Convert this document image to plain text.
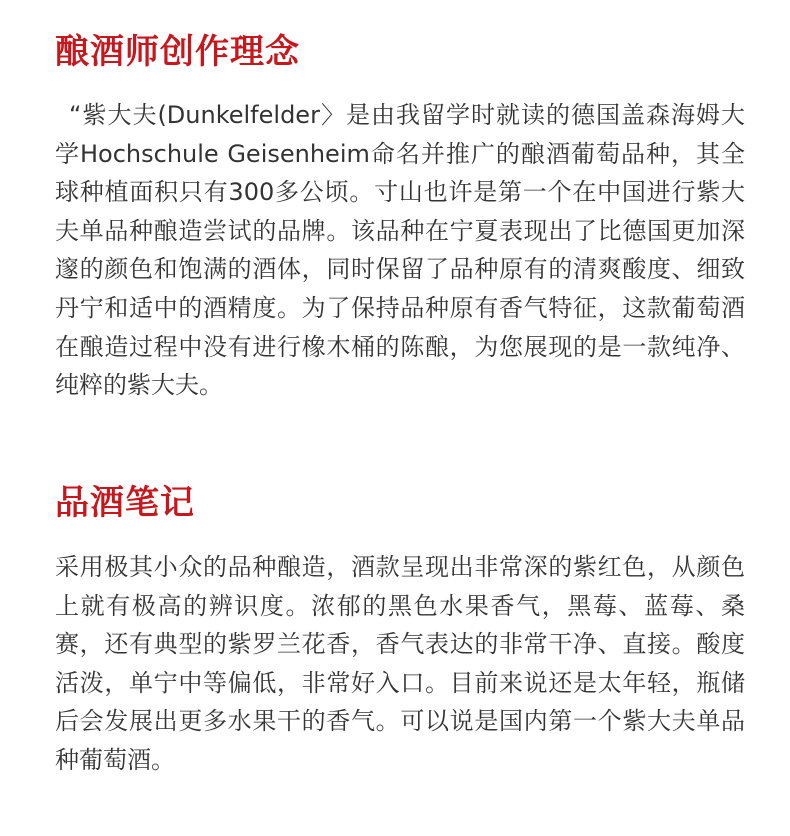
酿酒师创作理念

“紫大夫(Dunkelfelder〉是由我留学时就读的德国盖森海姆大学Hochschule Geisenheim命名并推广的酿酒葡萄品种，其全球种植面积只有300多公顷。寸山也许是第一个在中国进行紫大夫单品种酿造尝试的品牌。该品种在宁夏表现出了比德国更加深邃的颜色和饱满的酒体，同时保留了品种原有的清爽酸度、细致丹宁和适中的酒精度。为了保持品种原有香气特征，这款葡萄酒在酿造过程中没有进行橡木桶的陈酿，为您展现的是一款纯净、纯粹的紫大夫。

品酒笔记

采用极其小众的品种酿造，酒款呈现出非常深的紫红色，从颜色上就有极高的辨识度。浓郁的黑色水果香气，黑莓、蓝莓、桑赛，还有典型的紫罗兰花香，香气表达的非常干净、直接。酸度活泼，单宁中等偏低，非常好入口。目前来说还是太年轻，瓶储后会发展出更多水果干的香气。可以说是国内第一个紫大夫单品种葡萄酒。
